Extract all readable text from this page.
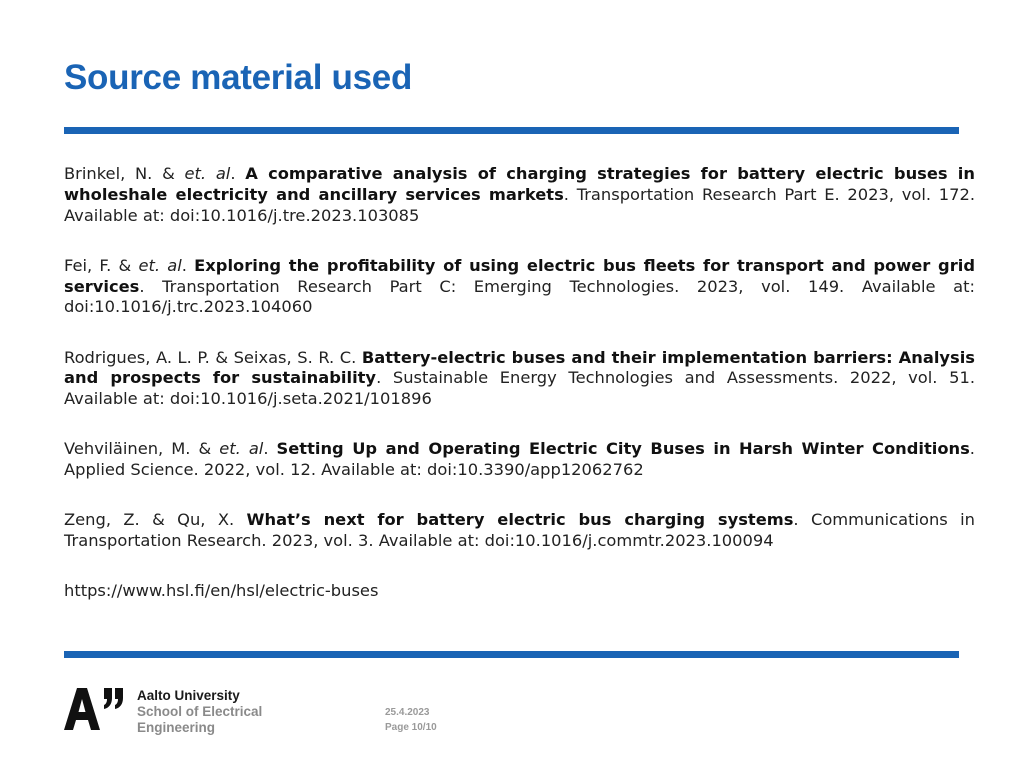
Source material used

Brinkel, N. & et. al. A comparative analysis of charging strategies for battery electric buses in wholeshale electricity and ancillary services markets. Transportation Research Part E. 2023, vol. 172. Available at: doi:10.1016/j.tre.2023.103085

Fei, F. & et. al. Exploring the profitability of using electric bus fleets for transport and power grid services. Transportation Research Part C: Emerging Technologies. 2023, vol. 149. Available at: doi:10.1016/j.trc.2023.104060

Rodrigues, A. L. P. & Seixas, S. R. C. Battery-electric buses and their implementation barriers: Analysis and prospects for sustainability. Sustainable Energy Technologies and Assessments. 2022, vol. 51. Available at: doi:10.1016/j.seta.2021/101896

Vehviläinen, M. & et. al. Setting Up and Operating Electric City Buses in Harsh Winter Conditions. Applied Science. 2022, vol. 12. Available at: doi:10.3390/app12062762

Zeng, Z. & Qu, X. What’s next for battery electric bus charging systems. Communications in Transportation Research. 2023, vol. 3. Available at: doi:10.1016/j.commtr.2023.100094

https://www.hsl.fi/en/hsl/electric-buses

Aalto University
School of Electrical
Engineering
25.4.2023
Page 10/10
